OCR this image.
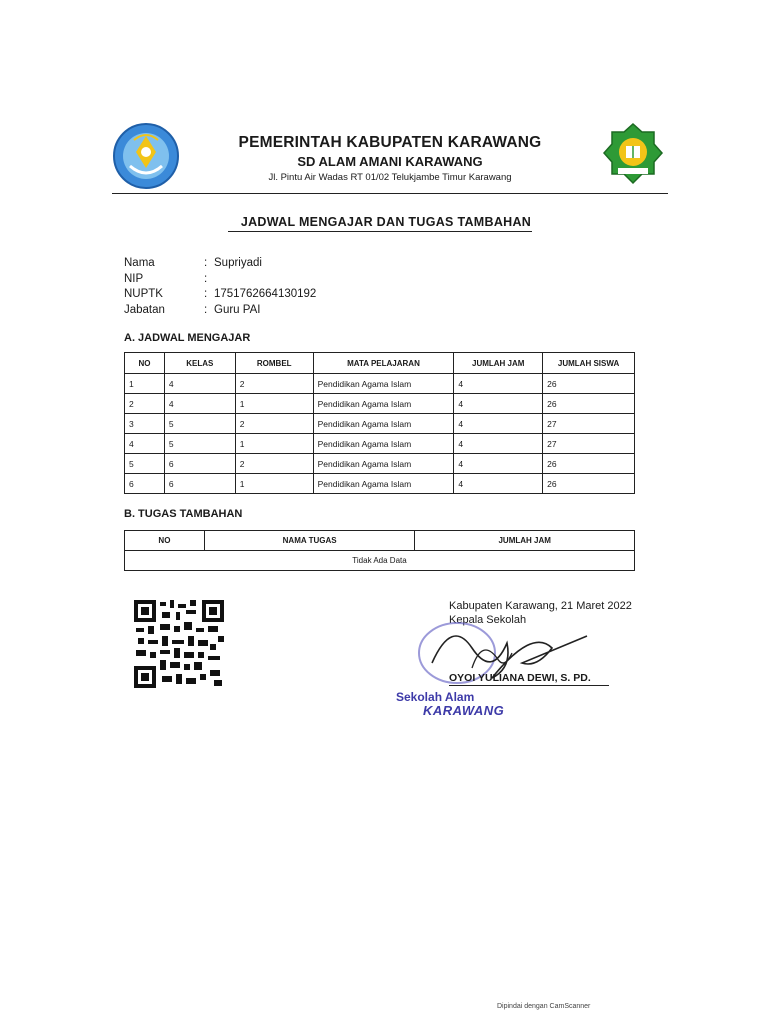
PEMERINTAH KABUPATEN KARAWANG
SD ALAM AMANI KARAWANG
Jl. Pintu Air Wadas RT 01/02 Telukjambe Timur Karawang
JADWAL MENGAJAR DAN TUGAS TAMBAHAN
Nama	: Supriyadi
NIP	:
NUPTK	: 1751762664130192
Jabatan	: Guru PAI
A. JADWAL MENGAJAR
NO	KELAS	ROMBEL	MATA PELAJARAN	JUMLAH JAM	JUMLAH SISWA
1	4	2	Pendidikan Agama Islam	4	26
2	4	1	Pendidikan Agama Islam	4	26
3	5	2	Pendidikan Agama Islam	4	27
4	5	1	Pendidikan Agama Islam	4	27
5	6	2	Pendidikan Agama Islam	4	26
6	6	1	Pendidikan Agama Islam	4	26
B. TUGAS TAMBAHAN
NO	NAMA TUGAS	JUMLAH JAM
Tidak Ada Data
Kabupaten Karawang, 21 Maret 2022
Kepala Sekolah
OYOI YULIANA DEWI, S. PD.
Sekolah Alam
KARAWANG
Dipindai dengan CamScanner
